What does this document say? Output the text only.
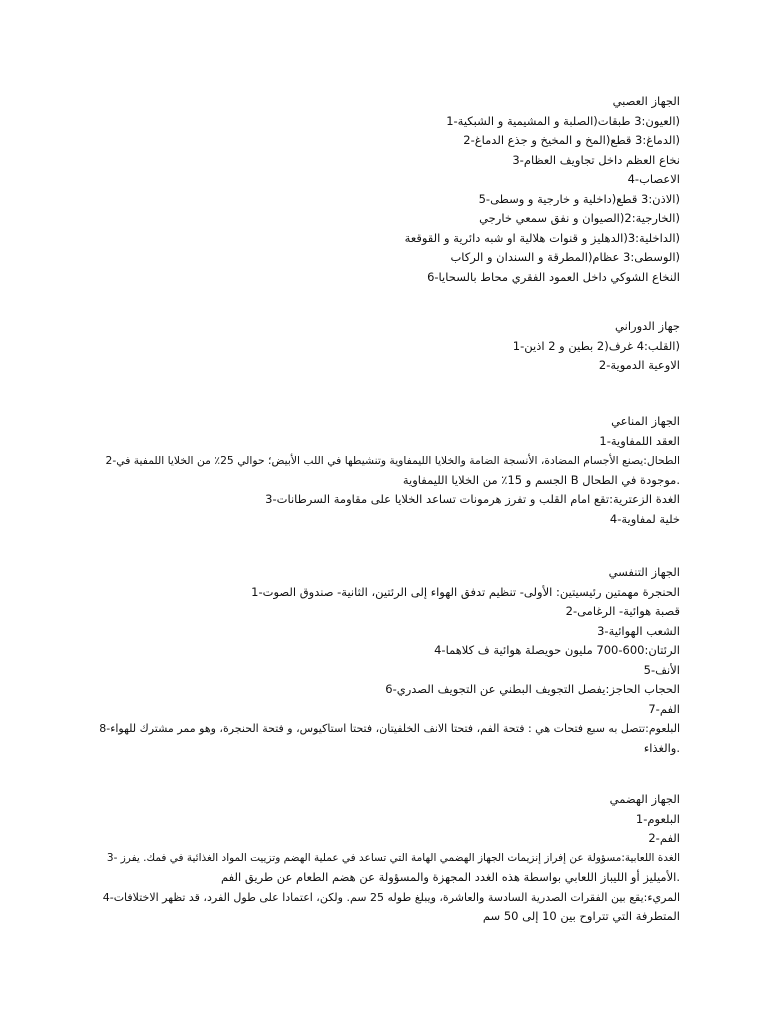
الجهاز العصبي
(العيون:3 طبقات(الصلبة و المشيمية و الشبكية-1
(الدماغ:3 قطع(المخ و المخيخ و جذع الدماغ-2
نخاع العظم داخل تجاويف العظام-3
الاعصاب-4
(الاذن:3 قطع(داخلية و خارجية و وسطى-5
(الخارجية:2(الصيوان و نفق سمعي خارجي
(الداخلية:3(الدهليز و قنوات هلالية او شبه دائرية و القوقعة
(الوسطى:3 عظام(المطرقة و السندان و الركاب
النخاع الشوكي داخل العمود الفقري محاط بالسحايا-6
جهاز الدوراني
(القلب:4 غرف(2 بطين و 2 اذين-1
الاوعية الدموية-2
الجهاز المناعي
العقد اللمفاوية-1
الطحال:يصنع الأجسام المضادة، الأنسجة الضامة والخلايا الليمفاوية وتنشيطها في اللب الأبيض؛ حوالي 25٪ من الخلايا اللمفية في-2
.موجودة في الطحال B الجسم و 15٪ من الخلايا الليمفاوية
الغدة الزعترية:تقع امام القلب و تفرز هرمونات تساعد الخلايا على مقاومة السرطانات-3
خلية لمفاوية-4
الجهاز التنفسي
الحنجرة مهمتين رئيسيتين: الأولى- تنظيم تدفق الهواء إلى الرئتين، الثانية- صندوق الصوت-1
قصبة هوائية- الرغامى-2
الشعب الهوائية-3
الرئتان:600-700 مليون حويصلة هوائية ف كلاهما-4
الأنف-5
الحجاب الحاجز:يفصل التجويف البطني عن التجويف الصدري-6
الفم-7
البلعوم:تتصل به سبع فتحات هي : فتحة الفم، فتحتا الانف الخلفيتان، فتحتا استاكيوس، و فتحة الحنجرة، وهو ممر مشترك للهواء-8
.والغذاء
الجهاز الهضمي
البلعوم-1
الفم-2
الغدة اللعابية:مسؤولة عن إفراز إنزيمات الجهاز الهضمي الهامة التي تساعد في عملية الهضم وتزييت المواد الغذائية في فمك. يفرز -3
.الأميليز أو الليباز اللعابي بواسطة هذه الغدد المجهزة والمسؤولة عن هضم الطعام عن طريق الفم
المريء:يقع بين الفقرات الصدرية السادسة والعاشرة، ويبلغ طوله 25 سم. ولكن، اعتمادا على طول الفرد، قد تظهر الاختلافات-4
المتطرفة التي تتراوح بين 10 إلى 50 سم
